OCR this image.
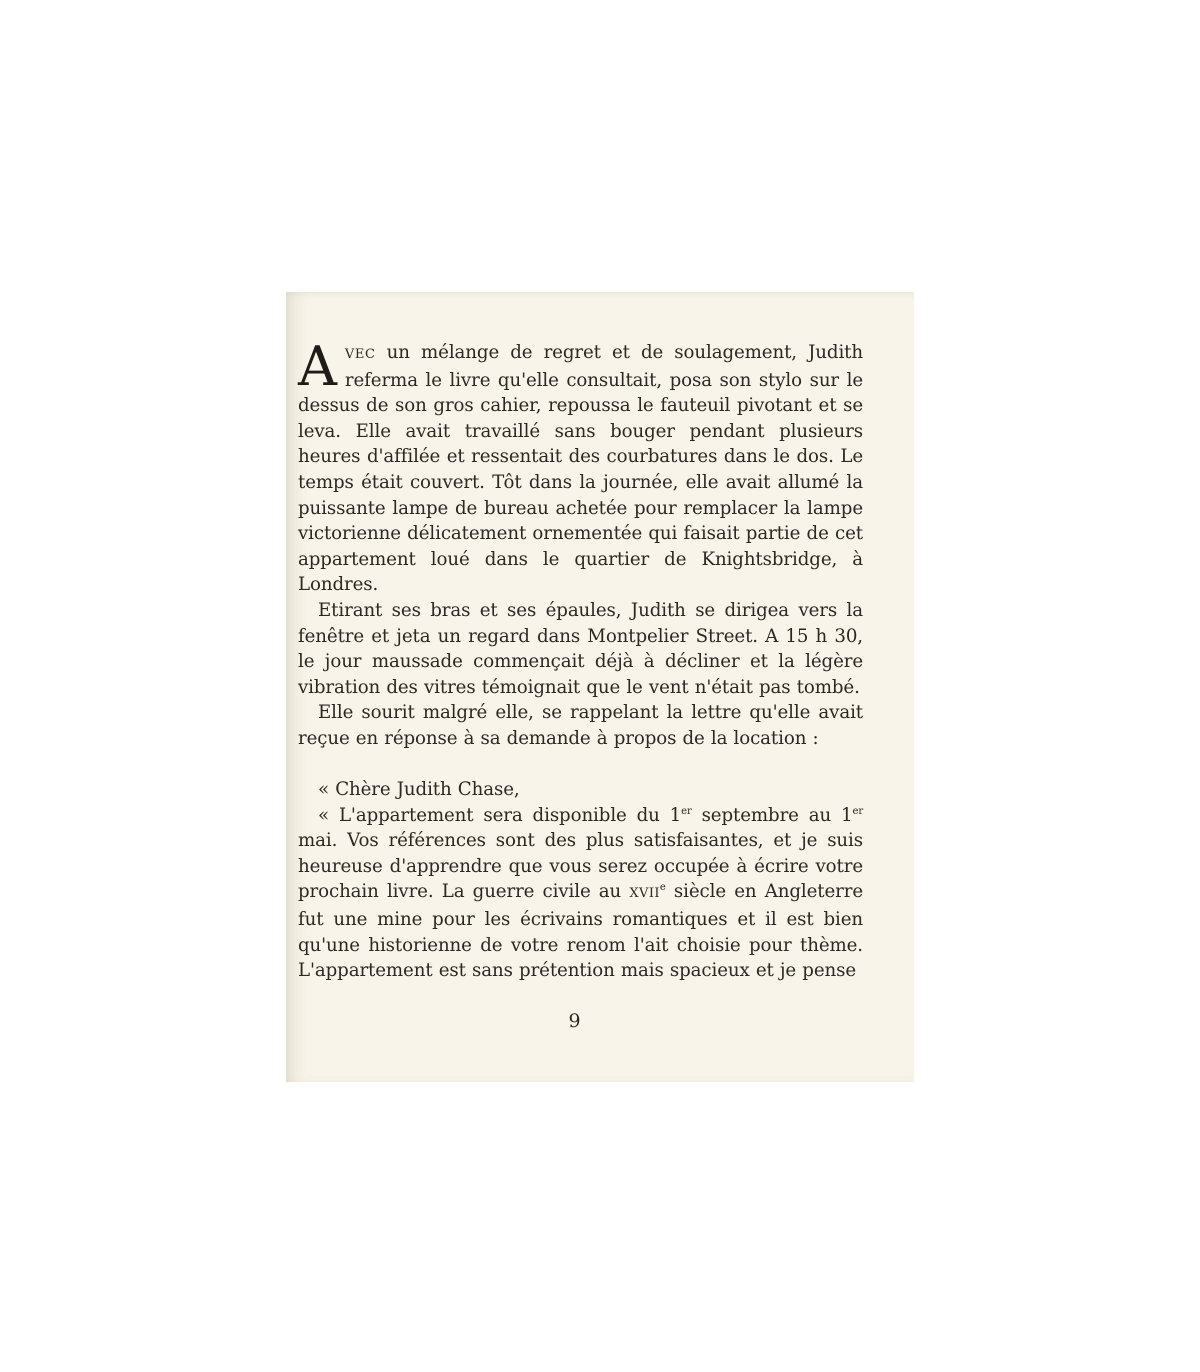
AVEC un mélange de regret et de soulagement, Judith referma le livre qu'elle consultait, posa son stylo sur le dessus de son gros cahier, repoussa le fauteuil pivotant et se leva. Elle avait travaillé sans bouger pendant plusieurs heures d'affilée et ressentait des courbatures dans le dos. Le temps était couvert. Tôt dans la journée, elle avait allumé la puissante lampe de bureau achetée pour remplacer la lampe victorienne délicatement ornementée qui faisait partie de cet appartement loué dans le quartier de Knightsbridge, à Londres.

Etirant ses bras et ses épaules, Judith se dirigea vers la fenêtre et jeta un regard dans Montpelier Street. A 15 h 30, le jour maussade commençait déjà à décliner et la légère vibration des vitres témoignait que le vent n'était pas tombé.

Elle sourit malgré elle, se rappelant la lettre qu'elle avait reçue en réponse à sa demande à propos de la location :

« Chère Judith Chase,

« L'appartement sera disponible du 1er septembre au 1er mai. Vos références sont des plus satisfaisantes, et je suis heureuse d'apprendre que vous serez occupée à écrire votre prochain livre. La guerre civile au XVIIe siècle en Angleterre fut une mine pour les écrivains romantiques et il est bien qu'une historienne de votre renom l'ait choisie pour thème. L'appartement est sans prétention mais spacieux et je pense

9
